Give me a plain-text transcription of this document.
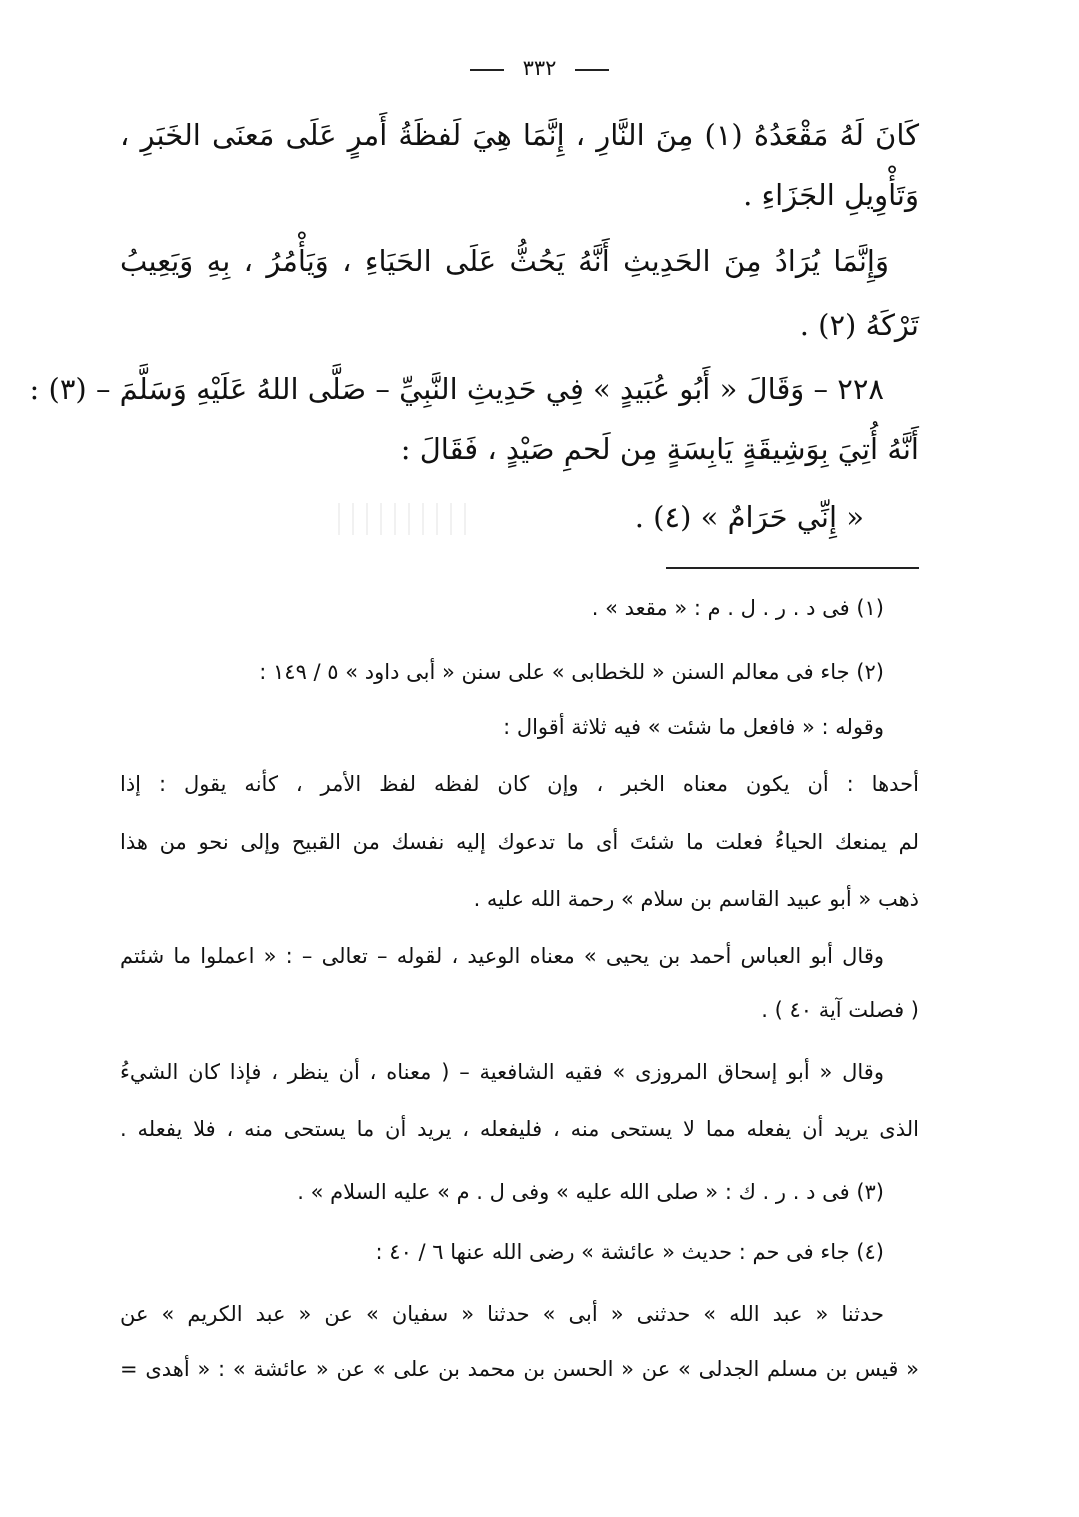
٣٣٢
كَانَ لَهُ مَقْعَدُهُ (١) مِنَ النَّارِ ، إِنَّمَا هِيَ لَفظَةُ أَمرٍ عَلَى مَعنَى الخَبَرِ ،
وَتَأْوِيلِ الجَزَاءِ .
وَإِنَّمَا يُرَادُ مِنَ الحَدِيثِ أَنَّهُ يَحُثُّ عَلَى الحَيَاءِ ، وَيَأْمُرُ ، بِهِ وَيَعِيبُ
تَرْكَهُ (٢) .
٢٢٨ – وَقَالَ « أَبُو عُبَيدٍ » فِي حَدِيثِ النَّبِيِّ – صَلَّى اللهُ عَلَيْهِ وَسَلَّمَ – (٣) :
أَنَّهُ أُتِيَ بِوَشِيقَةٍ يَابِسَةٍ مِن لَحمِ صَيْدٍ ، فَقَالَ :
« إِنِّي حَرَامٌ » (٤) .
(١) فى د . ر . ل . م : « مقعد » .
(٢) جاء فى معالم السنن « للخطابى » على سنن « أبى داود » ٥ / ١٤٩ :
وقوله : « فافعل ما شئت » فيه ثلاثة أقوال :
أحدها : أن يكون معناه الخبر ، وإن كان لفظه لفظ الأمر ، كأنه يقول : إذا
لم يمنعك الحياءُ فعلت ما شئتَ أى ما تدعوك إليه نفسك من القبيح وإلى نحو من هذا
ذهب « أبو عبيد القاسم بن سلام » رحمة الله عليه .
وقال أبو العباس أحمد بن يحيى » معناه الوعيد ، لقوله – تعالى – : « اعملوا ما شئتم
( فصلت آية ٤٠ ) .
وقال « أبو إسحاق المروزى » فقيه الشافعية – ( معناه ، أن ينظر ، فإذا كان الشيءُ
الذى يريد أن يفعله مما لا يستحى منه ، فليفعله ، يريد أن ما يستحى منه ، فلا يفعله .
(٣) فى د . ر . ك : « صلى الله عليه » وفى ل . م » عليه السلام » .
(٤) جاء فى حم : حديث « عائشة » رضى الله عنها ٦ / ٤٠ :
حدثنا « عبد الله » حدثنى « أبى » حدثنا « سفيان » عن « عبد الكريم » عن
« قيس بن مسلم الجدلى » عن « الحسن بن محمد بن على » عن « عائشة » : « أهدى =
